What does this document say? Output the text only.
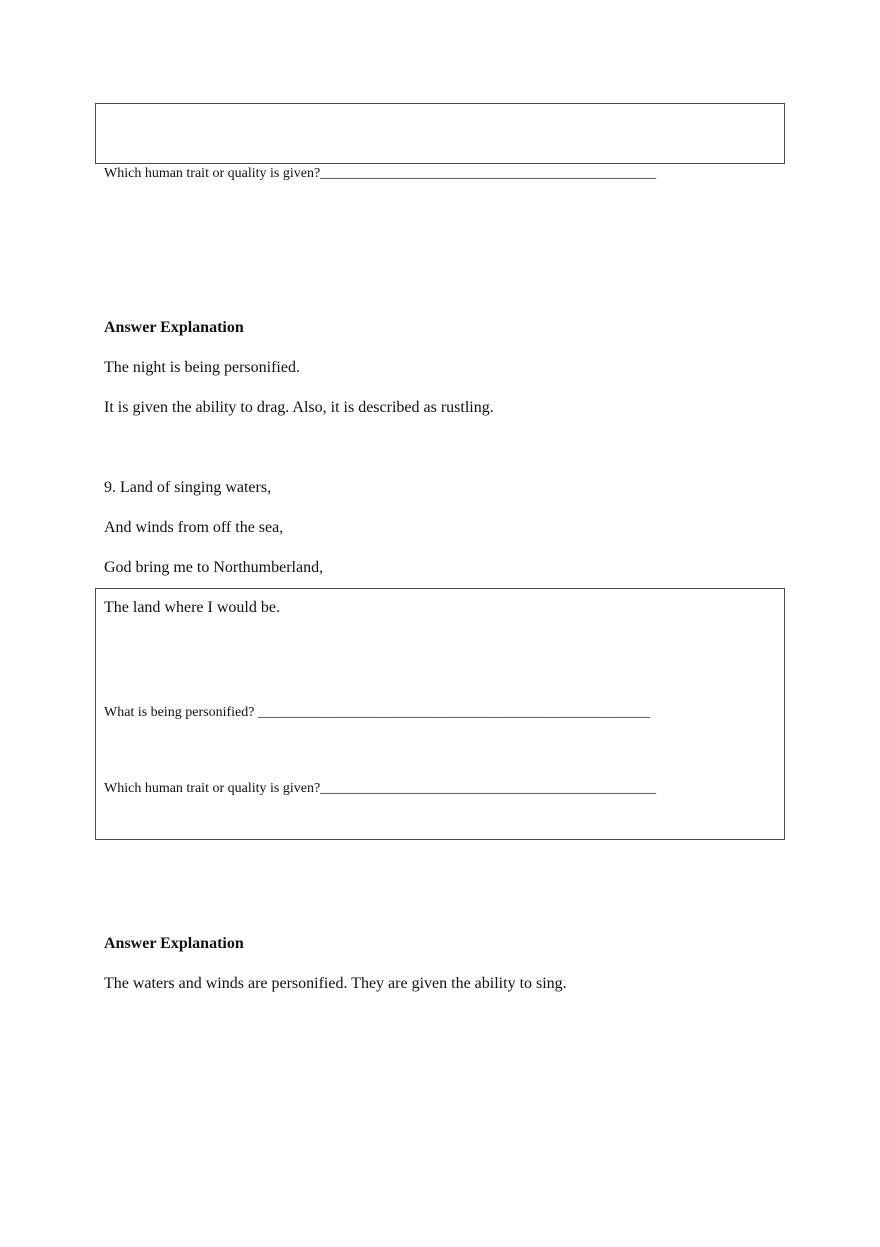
Which human trait or quality is given?________________________________________________
Answer Explanation
The night is being personified.
It is given the ability to drag. Also, it is described as rustling.
9. Land of singing waters,
And winds from off the sea,
God bring me to Northumberland,
The land where I would be.
What is being personified? ________________________________________________________
Which human trait or quality is given?________________________________________________
Answer Explanation
The waters and winds are personified. They are given the ability to sing.
